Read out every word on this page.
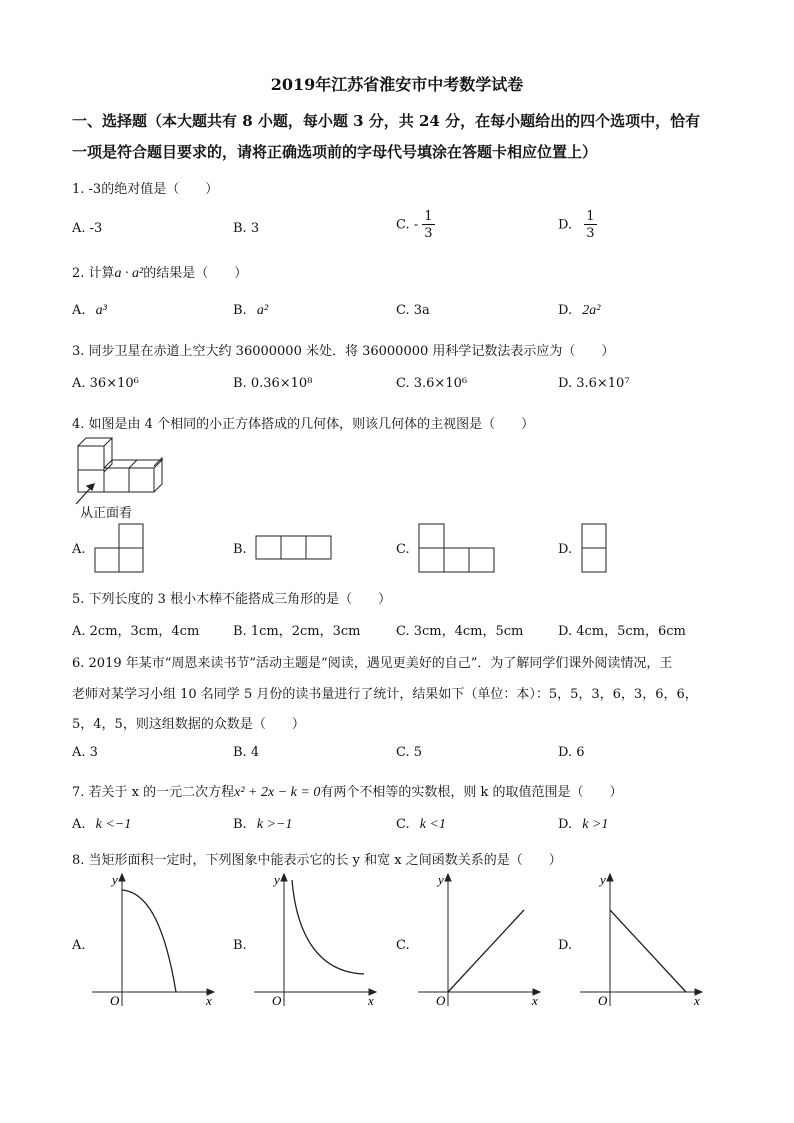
2019年江苏省淮安市中考数学试卷
一、选择题（本大题共有 8 小题，每小题 3 分，共 24 分，在每小题给出的四个选项中，恰有
一项是符合题目要求的，请将正确选项前的字母代号填涂在答题卡相应位置上）
1. -3的绝对值是（　　）
A. -3	B. 3	C. - $\frac{1}{3}$	D. $\frac{1}{3}$
2. 计算a · a²的结果是（　　）
A. a³	B. a²	C. 3a	D. 2a²
3. 同步卫星在赤道上空大约 36000000 米处．将 36000000 用科学记数法表示应为（　　）
A. 36×10⁶	B. 0.36×10⁸	C. 3.6×10⁶	D. 3.6×10⁷
4. 如图是由 4 个相同的小正方体搭成的几何体，则该几何体的主视图是（　　）
从正面看
A.	B.	C.	D.
5. 下列长度的 3 根小木棒不能搭成三角形的是（　　）
A. 2cm，3cm，4cm	B. 1cm，2cm，3cm	C. 3cm，4cm，5cm	D. 4cm，5cm，6cm
6. 2019 年某市“周恩来读书节”活动主题是“阅读，遇见更美好的自己”．为了解同学们课外阅读情况，王
老师对某学习小组 10 名同学 5 月份的读书量进行了统计，结果如下（单位：本）：5，5，3，6，3，6，6，
5，4，5，则这组数据的众数是（　　）
A. 3	B. 4	C. 5	D. 6
7. 若关于 x 的一元二次方程x² + 2x − k = 0有两个不相等的实数根，则 k 的取值范围是（　　）
A. k <−1	B. k >−1	C. k <1	D. k >1
8. 当矩形面积一定时，下列图象中能表示它的长 y 和宽 x 之间函数关系的是（　　）
A.
y
x
O
B.
y
x
O
C.
y
x
O
D.
y
x
O
